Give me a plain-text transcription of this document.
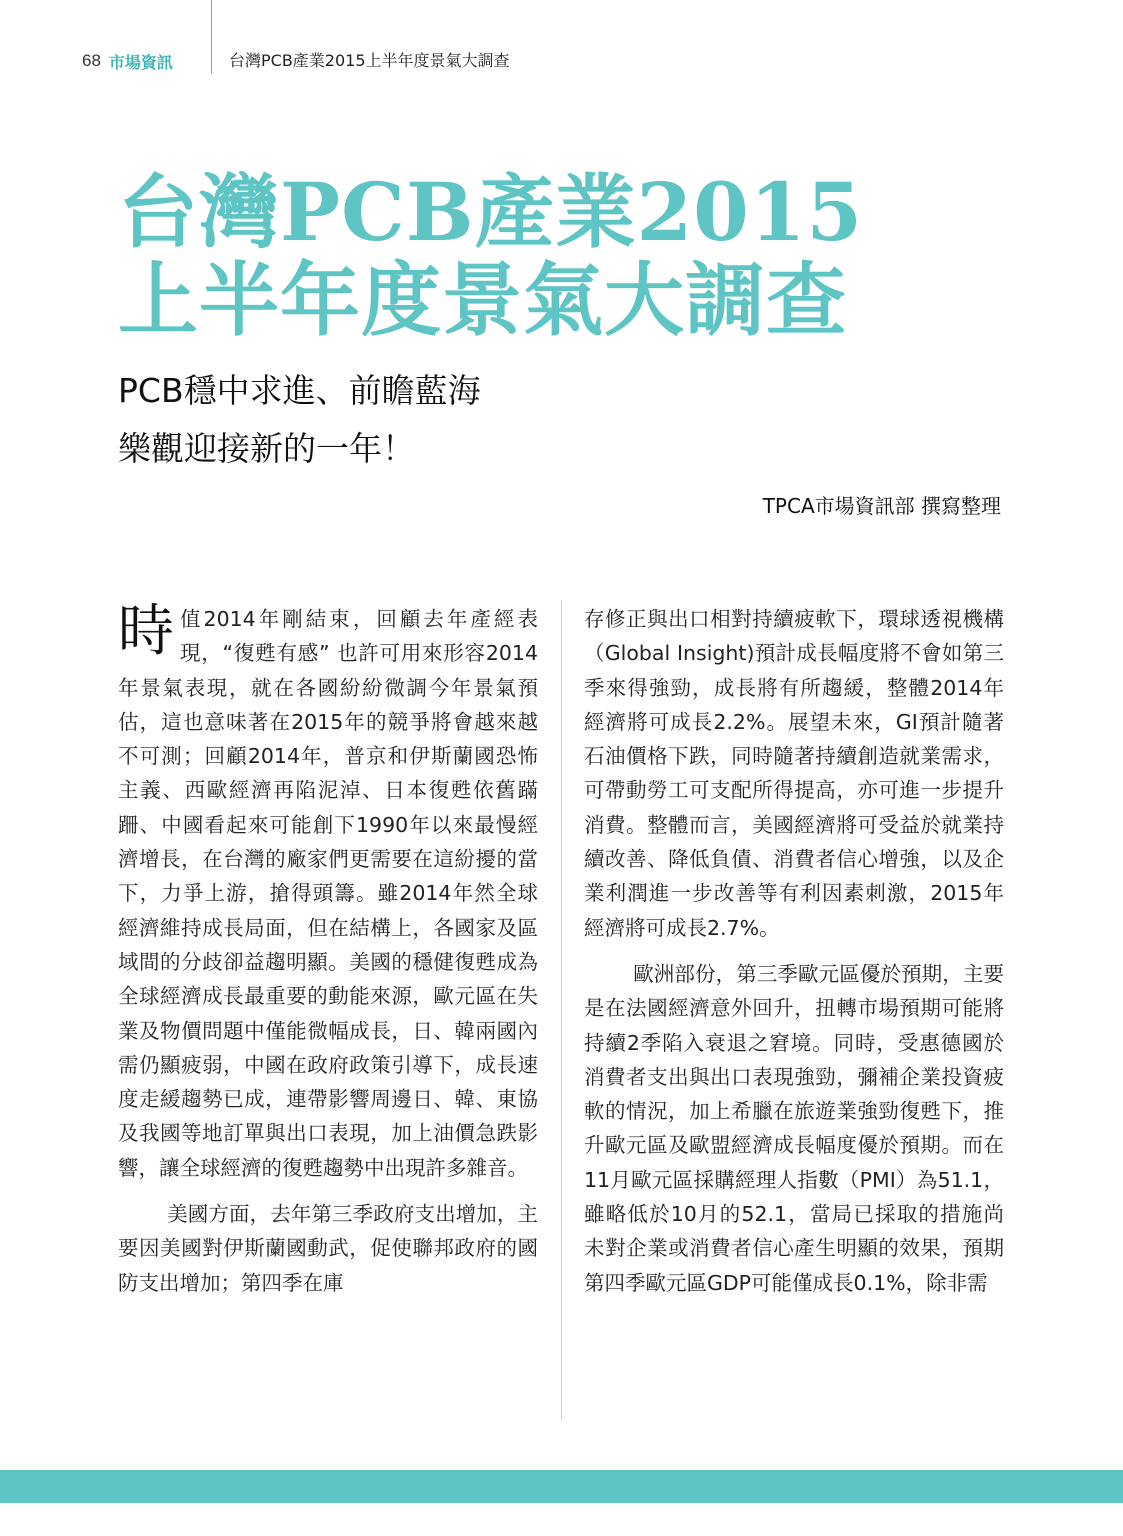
68 市場資訊	台灣PCB產業2015上半年度景氣大調查
台灣PCB產業2015
上半年度景氣大調查
PCB穩中求進、前瞻藍海
樂觀迎接新的一年！
TPCA市場資訊部 撰寫整理

時值2014年剛結束，回顧去年產經表現，“復甦有感” 也許可用來形容2014年景氣表現，就在各國紛紛微調今年景氣預估，這也意味著在2015年的競爭將會越來越不可測；回顧2014年，普京和伊斯蘭國恐怖主義、西歐經濟再陷泥淖、日本復甦依舊蹣跚、中國看起來可能創下1990年以來最慢經濟增長，在台灣的廠家們更需要在這紛擾的當下，力爭上游，搶得頭籌。雖2014年然全球經濟維持成長局面，但在結構上，各國家及區域間的分歧卻益趨明顯。美國的穩健復甦成為全球經濟成長最重要的動能來源，歐元區在失業及物價問題中僅能微幅成長，日、韓兩國內需仍顯疲弱，中國在政府政策引導下，成長速度走緩趨勢已成，連帶影響周邊日、韓、東協及我國等地訂單與出口表現，加上油價急跌影響，讓全球經濟的復甦趨勢中出現許多雜音。

美國方面，去年第三季政府支出增加，主要因美國對伊斯蘭國動武，促使聯邦政府的國防支出增加；第四季在庫

存修正與出口相對持續疲軟下，環球透視機構（Global Insight)預計成長幅度將不會如第三季來得強勁，成長將有所趨緩，整體2014年經濟將可成長2.2%。展望未來，GI預計隨著石油價格下跌，同時隨著持續創造就業需求，可帶動勞工可支配所得提高，亦可進一步提升消費。整體而言，美國經濟將可受益於就業持續改善、降低負債、消費者信心增強，以及企業利潤進一步改善等有利因素刺激，2015年經濟將可成長2.7%。

歐洲部份，第三季歐元區優於預期，主要是在法國經濟意外回升，扭轉市場預期可能將持續2季陷入衰退之窘境。同時，受惠德國於消費者支出與出口表現強勁，彌補企業投資疲軟的情況，加上希臘在旅遊業強勁復甦下，推升歐元區及歐盟經濟成長幅度優於預期。而在11月歐元區採購經理人指數（PMI）為51.1，雖略低於10月的52.1，當局已採取的措施尚未對企業或消費者信心產生明顯的效果，預期第四季歐元區GDP可能僅成長0.1%，除非需
